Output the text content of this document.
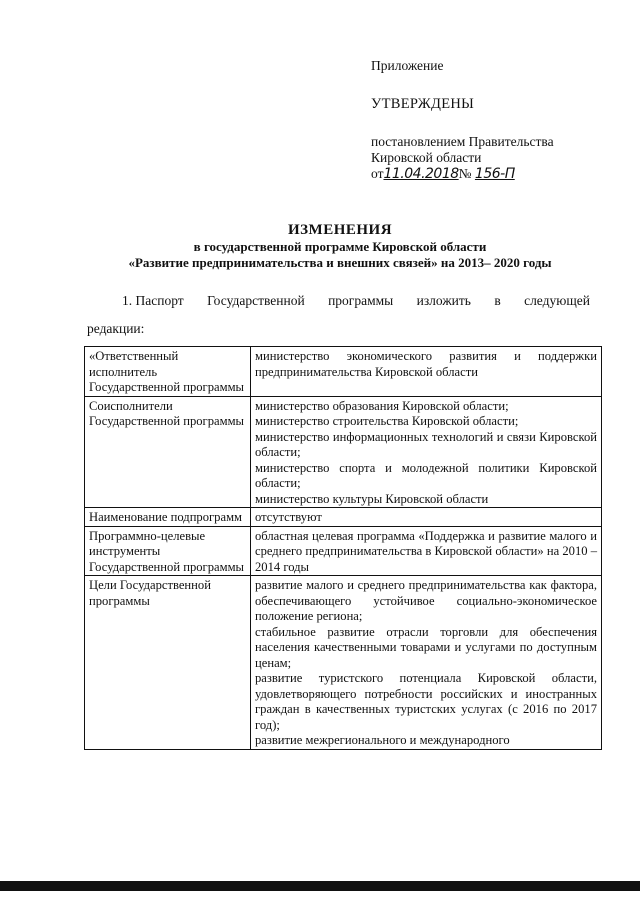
Приложение

УТВЕРЖДЕНЫ

постановлением Правительства
Кировской области
от11.04.2018№ 156-П

ИЗМЕНЕНИЯ
в государственной программе Кировской области
«Развитие предпринимательства и внешних связей» на 2013– 2020 годы
1. Паспорт Государственной программы изложить в следующей
редакции:
«Ответственный исполнитель Государственной программы	министерство экономического развития и поддержки предпринимательства Кировской области

Соисполнители Государственной программы	министерство образования Кировской области;
министерство строительства Кировской области;
министерство информационных технологий и связи Кировской области;
министерство спорта и молодежной политики Кировской области;
министерство культуры Кировской области

Наименование подпрограмм	отсутствуют

Программно-целевые инструменты Государственной программы	областная целевая программа «Поддержка и развитие малого и среднего предпринимательства в Кировской области» на 2010 – 2014 годы

Цели Государственной программы	развитие малого и среднего предпринимательства как фактора, обеспечивающего устойчивое социально-экономическое положение региона;
стабильное развитие отрасли торговли для обеспечения населения качественными товарами и услугами по доступным ценам;
развитие туристского потенциала Кировской области, удовлетворяющего потребности российских и иностранных граждан в качественных туристских услугах (с 2016 по 2017 год);
развитие межрегионального и международного
